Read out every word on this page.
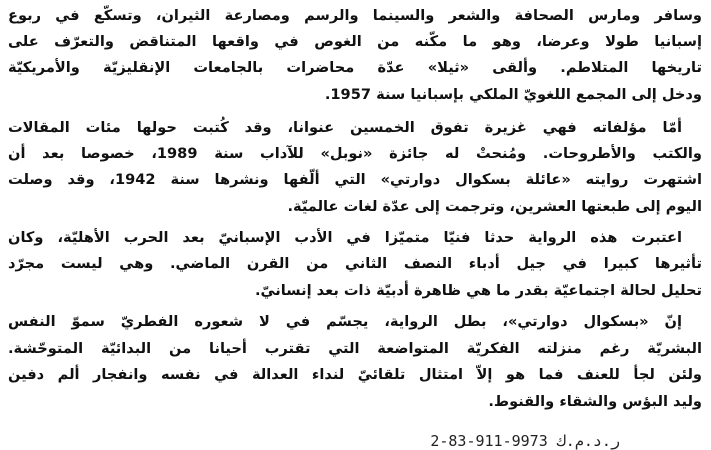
وسافر ومارس الصحافة والشعر والسينما والرسم ومصارعة الثيران، وتسكّع في ربوع
إسبانيا طولا وعرضا، وهو ما مكّنه من الغوص في واقعها المتناقض والتعرّف على
تاريخها المتلاطم. وألقى «ثيلا» عدّة محاضرات بالجامعات الإنقليزيّة والأمريكيّة
ودخل إلى المجمع اللغويّ الملكي بإسبانيا سنة 1957.
أمّا مؤلفاته فهي غزيرة تفوق الخمسين عنوانا، وقد كُتبت حولها مئات المقالات
والكتب والأطروحات. ومُنحتْ له جائزة «نوبل» للآداب سنة 1989، خصوصا بعد أن
اشتهرت روايته «عائلة بسكوال دوارتي» التي ألّفها ونشرها سنة 1942، وقد وصلت
اليوم إلى طبعتها العشرين، وترجمت إلى عدّة لغات عالميّة.
اعتبرت هذه الرواية حدثا فنيّا متميّزا في الأدب الإسبانيّ بعد الحرب الأهليّة، وكان
تأثيرها كبيرا في جيل أدباء النصف الثاني من القرن الماضي. وهي ليست مجرّد
تحليل لحالة اجتماعيّة بقدر ما هي ظاهرة أدبيّة ذات بعد إنسانيّ.
إنّ «بسكوال دوارتي»، بطل الرواية، يجسّم في لا شعوره الفطريّ سموّ النفس
البشريّة رغم منزلته الفكريّة المتواضعة التي تقترب أحيانا من البدائيّة المتوحّشة.
ولئن لجأ للعنف فما هو إلاّ امتثال تلقائيّ لنداء العدالة في نفسه وانفجار ألم دفين
وليد البؤس والشقاء والقنوط.
ر.د.م.ك 9973-911-83-2
